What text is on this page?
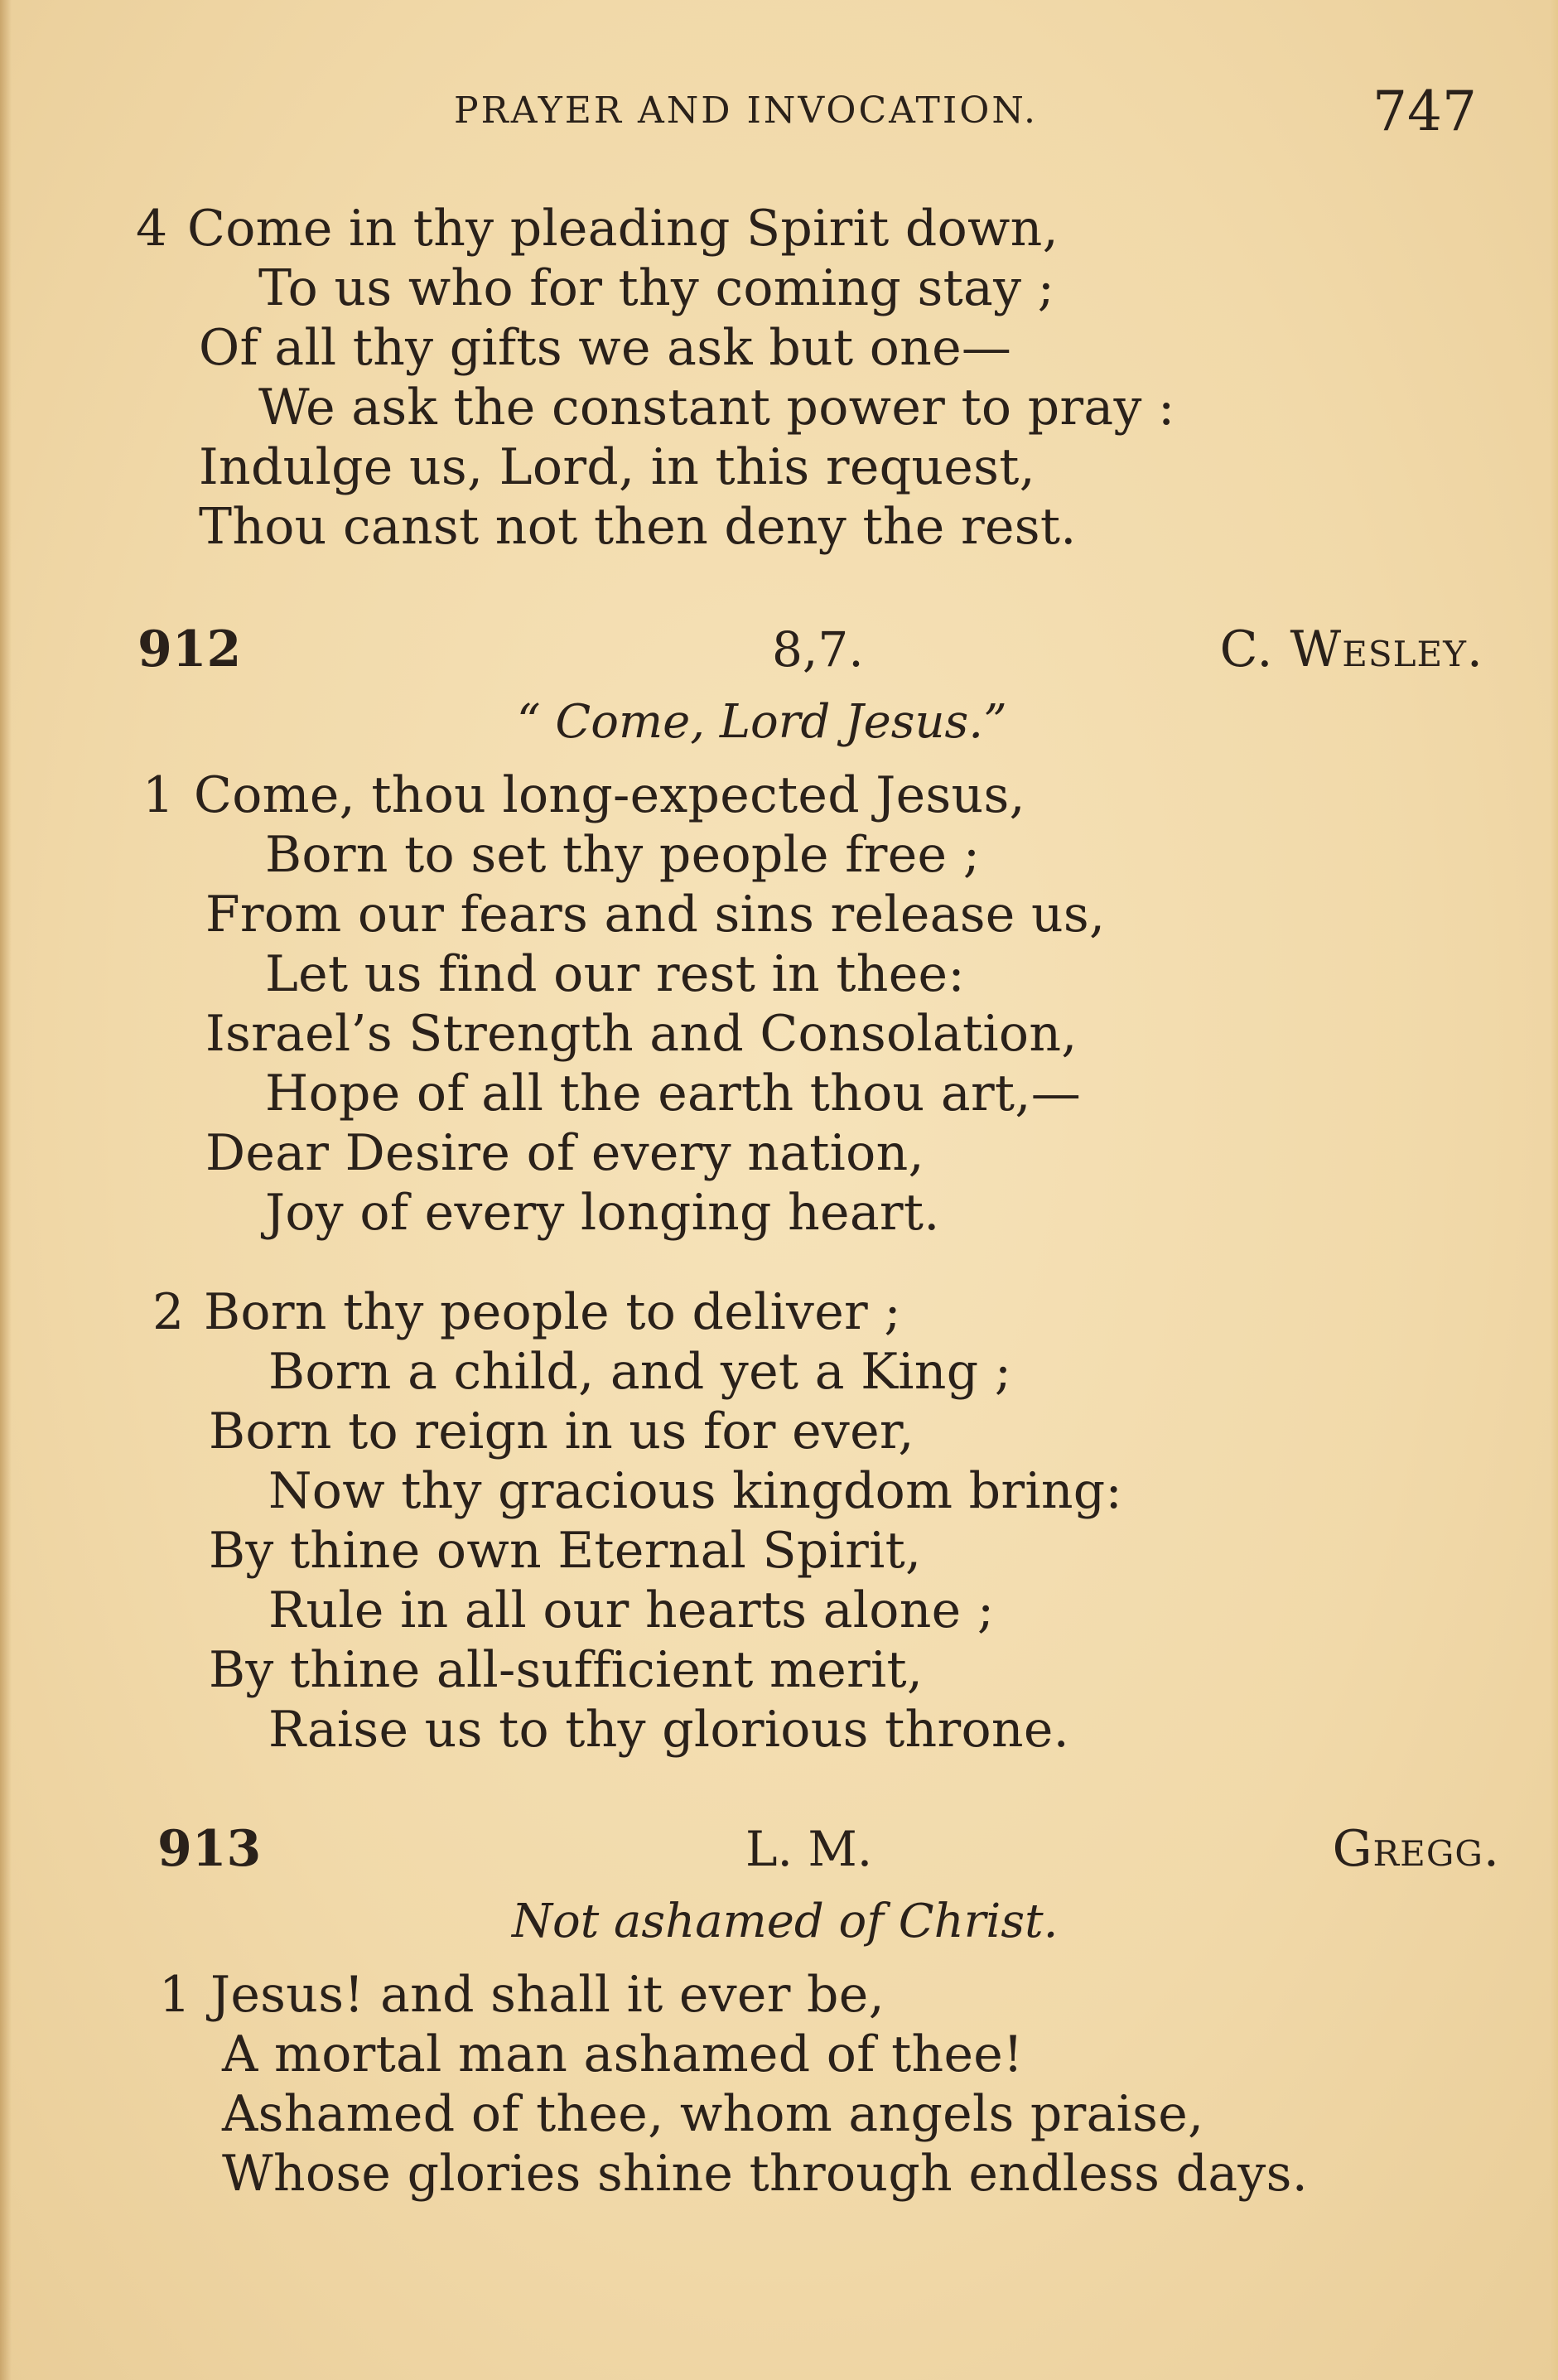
PRAYER AND INVOCATION.	747
4 Come in thy pleading Spirit down,
To us who for thy coming stay ;
Of all thy gifts we ask but one—
We ask the constant power to pray :
Indulge us, Lord, in this request,
Thou canst not then deny the rest.
912	8,7.	C. Wesley.
“ Come, Lord Jesus.”
1 Come, thou long-expected Jesus,
Born to set thy people free ;
From our fears and sins release us,
Let us find our rest in thee:
Israel’s Strength and Consolation,
Hope of all the earth thou art,—
Dear Desire of every nation,
Joy of every longing heart.
2 Born thy people to deliver ;
Born a child, and yet a King ;
Born to reign in us for ever,
Now thy gracious kingdom bring:
By thine own Eternal Spirit,
Rule in all our hearts alone ;
By thine all-sufficient merit,
Raise us to thy glorious throne.
913	L. M.	Gregg.
Not ashamed of Christ.
1 Jesus! and shall it ever be,
A mortal man ashamed of thee!
Ashamed of thee, whom angels praise,
Whose glories shine through endless days.
